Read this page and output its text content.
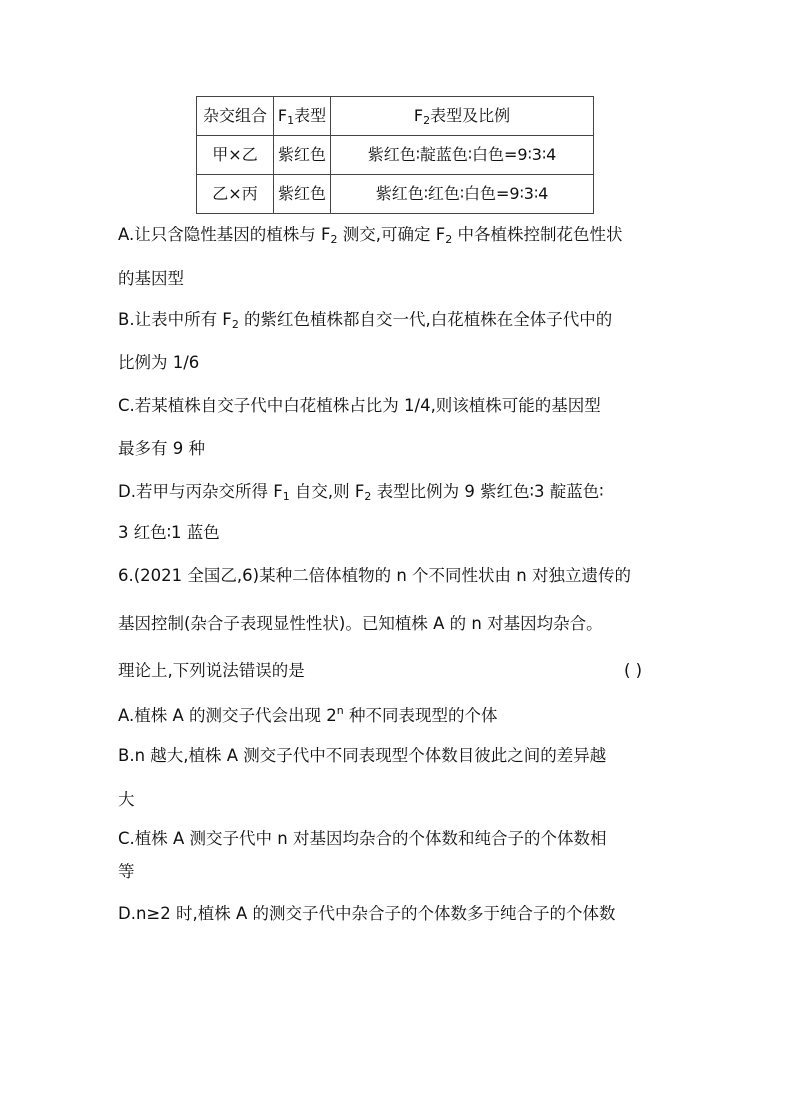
杂交组合	$F_1$表型	$F_2$表型及比例
甲×乙	紫红色	紫红色∶靛蓝色∶白色=9∶3∶4
乙×丙	紫红色	紫红色∶红色∶白色=9∶3∶4
A.让只含隐性基因的植株与 $F_2$ 测交,可确定 $F_2$ 中各植株控制花色性状
的基因型
B.让表中所有 $F_2$ 的紫红色植株都自交一代,白花植株在全体子代中的
比例为 1/6
C.若某植株自交子代中白花植株占比为 1/4,则该植株可能的基因型
最多有 9 种
D.若甲与丙杂交所得 $F_1$ 自交,则 $F_2$ 表型比例为 9 紫红色∶3 靛蓝色∶
3 红色∶1 蓝色
6.(2021 全国乙,6)某种二倍体植物的 n 个不同性状由 n 对独立遗传的
基因控制(杂合子表现显性性状)。已知植株 A 的 n 对基因均杂合。
理论上,下列说法错误的是	( )
A.植株 A 的测交子代会出现 2$^n$ 种不同表现型的个体
B.n 越大,植株 A 测交子代中不同表现型个体数目彼此之间的差异越
大
C.植株 A 测交子代中 n 对基因均杂合的个体数和纯合子的个体数相
等
D.n≥2 时,植株 A 的测交子代中杂合子的个体数多于纯合子的个体数
